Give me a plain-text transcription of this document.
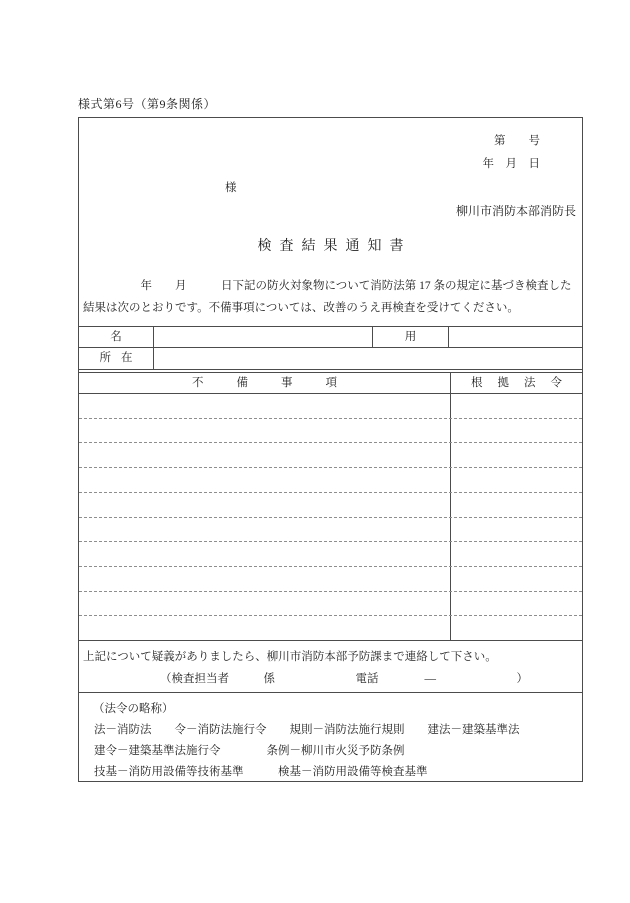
様式第6号（第9条関係）
第　　号
年　月　日
様
柳川市消防本部消防長
検査結果通知書
　　　　　年　　月　　　日下記の防火対象物について消防法第 17 条の規定に基づき検査した
結果は次のとおりです。不備事項については、改善のうえ再検査を受けてください。
名	用
所在
不備事項	根拠法令
上記について疑義がありましたら、柳川市消防本部予防課まで連絡して下さい。
（検査担当者　　　係　　　　　　　電話　　　　―　　　　　　　）
（法令の略称）
法－消防法　　令－消防法施行令　　規則－消防法施行規則　　建法－建築基準法
建令－建築基準法施行令　　　　条例－柳川市火災予防条例
技基－消防用設備等技術基準　　　検基－消防用設備等検査基準
